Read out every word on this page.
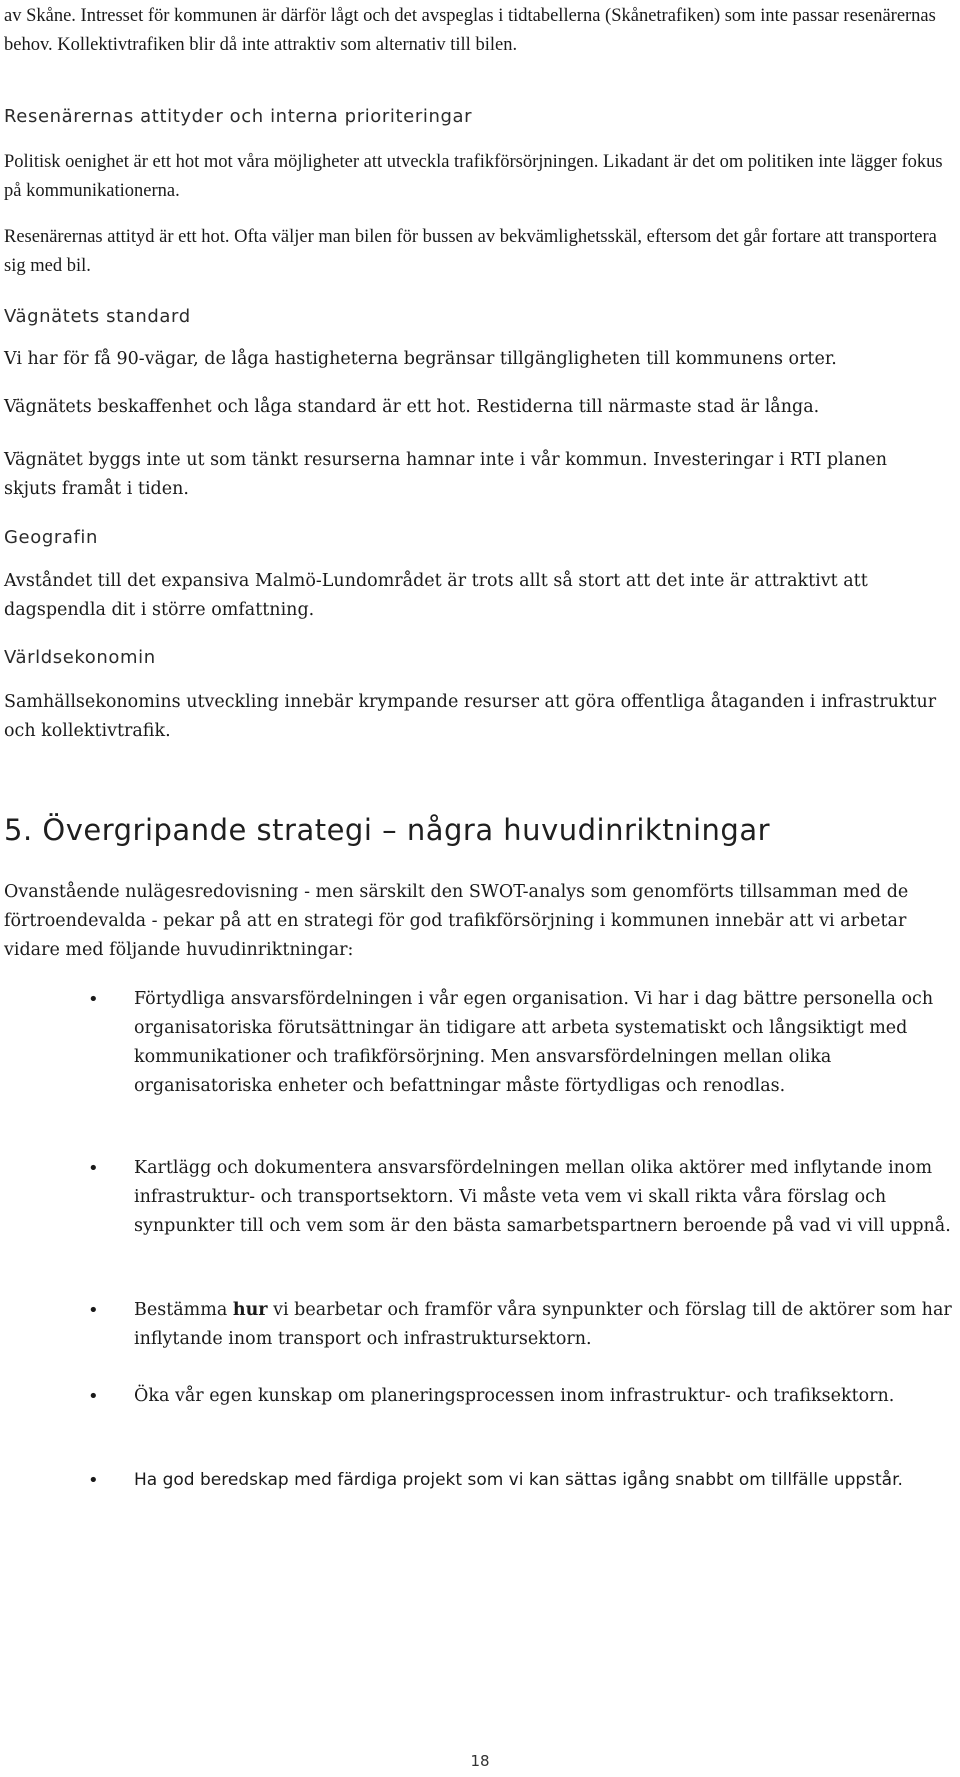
av Skåne. Intresset för kommunen är därför lågt och det avspeglas i tidtabellerna (Skånetrafiken) som inte passar resenärernas behov. Kollektivtrafiken blir då inte attraktiv som alternativ till bilen.

Resenärernas attityder och interna prioriteringar

Politisk oenighet är ett hot mot våra möjligheter att utveckla trafikförsörjningen. Likadant är det om politiken inte lägger fokus på kommunikationerna.

Resenärernas attityd är ett hot. Ofta väljer man bilen för bussen av bekvämlighetsskäl, eftersom det går fortare att transportera sig med bil.

Vägnätets standard

Vi har för få 90-vägar, de låga hastigheterna begränsar tillgängligheten till kommunens orter.

Vägnätets beskaffenhet och låga standard är ett hot. Restiderna till närmaste stad är långa.

Vägnätet byggs inte ut som tänkt resurserna hamnar inte i vår kommun. Investeringar i RTI planen skjuts framåt i tiden.

Geografin

Avståndet till det expansiva Malmö-Lundområdet är trots allt så stort att det inte är attraktivt att dagspendla dit i större omfattning.

Världsekonomin

Samhällsekonomins utveckling innebär krympande resurser att göra offentliga åtaganden i infrastruktur och kollektivtrafik.

5. Övergripande strategi – några huvudinriktningar

Ovanstående nulägesredovisning - men särskilt den SWOT-analys som genomförts tillsamman med de förtroendevalda - pekar på att en strategi för god trafikförsörjning i kommunen innebär att vi arbetar vidare med följande huvudinriktningar:

• Förtydliga ansvarsfördelningen i vår egen organisation. Vi har i dag bättre personella och organisatoriska förutsättningar än tidigare att arbeta systematiskt och långsiktigt med kommunikationer och trafikförsörjning. Men ansvarsfördelningen mellan olika organisatoriska enheter och befattningar måste förtydligas och renodlas.

• Kartlägg och dokumentera ansvarsfördelningen mellan olika aktörer med inflytande inom infrastruktur- och transportsektorn. Vi måste veta vem vi skall rikta våra förslag och synpunkter till och vem som är den bästa samarbetspartnern beroende på vad vi vill uppnå.

• Bestämma hur vi bearbetar och framför våra synpunkter och förslag till de aktörer som har inflytande inom transport och infrastruktursektorn.

• Öka vår egen kunskap om planeringsprocessen inom infrastruktur- och trafiksektorn.

• Ha god beredskap med färdiga projekt som vi kan sättas igång snabbt om tillfälle uppstår.

18
